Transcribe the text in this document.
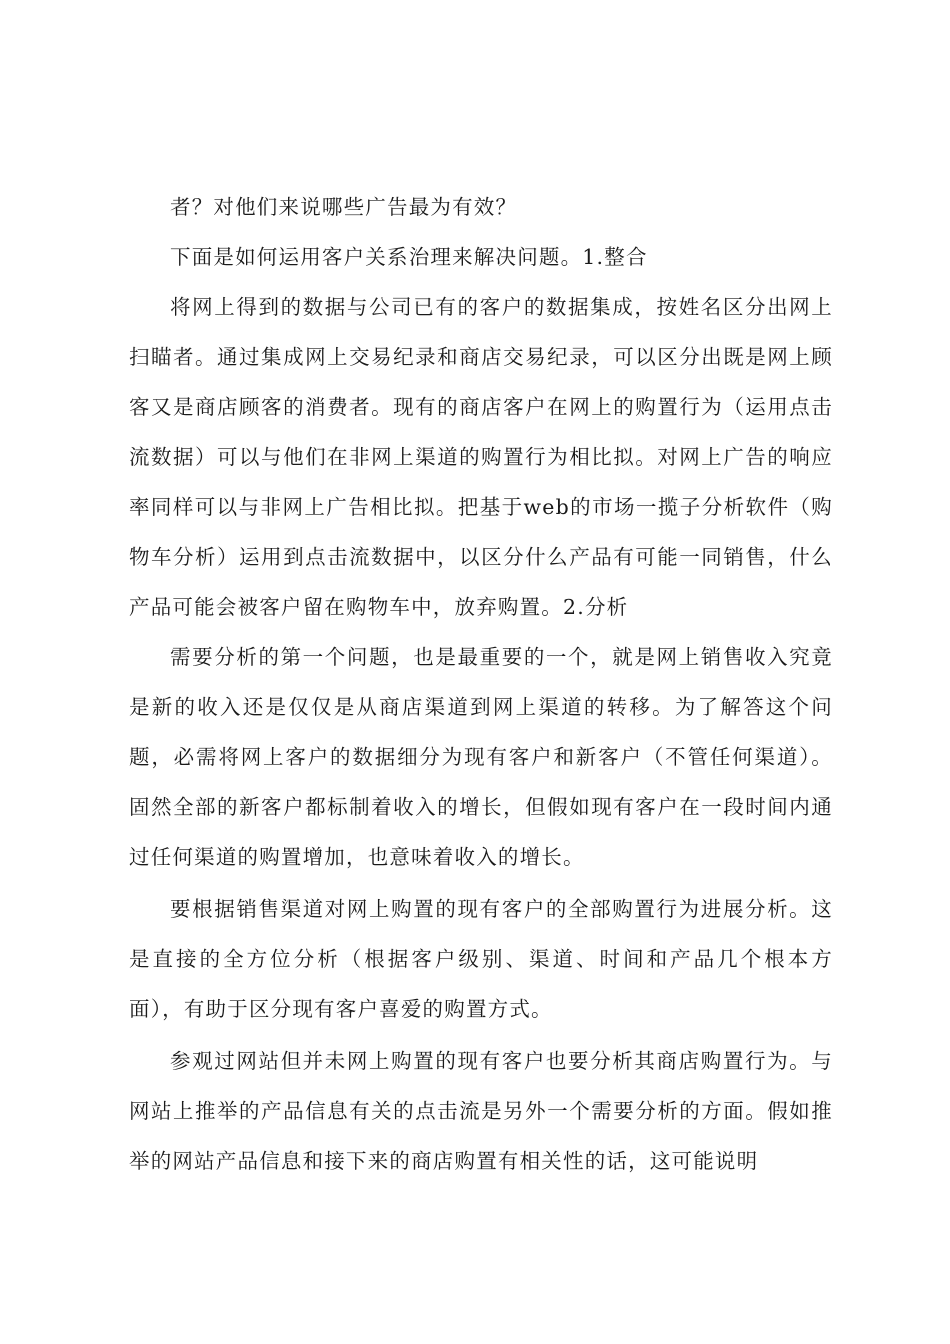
者？对他们来说哪些广告最为有效？

下面是如何运用客户关系治理来解决问题。1.整合

将网上得到的数据与公司已有的客户的数据集成，按姓名区分出网上扫瞄者。通过集成网上交易纪录和商店交易纪录，可以区分出既是网上顾客又是商店顾客的消费者。现有的商店客户在网上的购置行为（运用点击流数据）可以与他们在非网上渠道的购置行为相比拟。对网上广告的响应率同样可以与非网上广告相比拟。把基于web的市场一揽子分析软件（购物车分析）运用到点击流数据中，以区分什么产品有可能一同销售，什么产品可能会被客户留在购物车中，放弃购置。2.分析

需要分析的第一个问题，也是最重要的一个，就是网上销售收入究竟是新的收入还是仅仅是从商店渠道到网上渠道的转移。为了解答这个问题，必需将网上客户的数据细分为现有客户和新客户（不管任何渠道）。固然全部的新客户都标制着收入的增长，但假如现有客户在一段时间内通过任何渠道的购置增加，也意味着收入的增长。

要根据销售渠道对网上购置的现有客户的全部购置行为进展分析。这是直接的全方位分析（根据客户级别、渠道、时间和产品几个根本方面），有助于区分现有客户喜爱的购置方式。

参观过网站但并未网上购置的现有客户也要分析其商店购置行为。与网站上推举的产品信息有关的点击流是另外一个需要分析的方面。假如推举的网站产品信息和接下来的商店购置有相关性的话，这可能说明
